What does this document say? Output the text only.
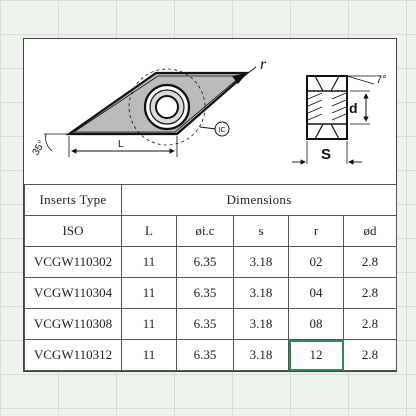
r
IC
L
35°
7°
d
S
Inserts Type	Dimensions				
ISO	L	øi.c	s	r	ød
VCGW110302	11	6.35	3.18	02	2.8
VCGW110304	11	6.35	3.18	04	2.8
VCGW110308	11	6.35	3.18	08	2.8
VCGW110312	11	6.35	3.18	12	2.8
